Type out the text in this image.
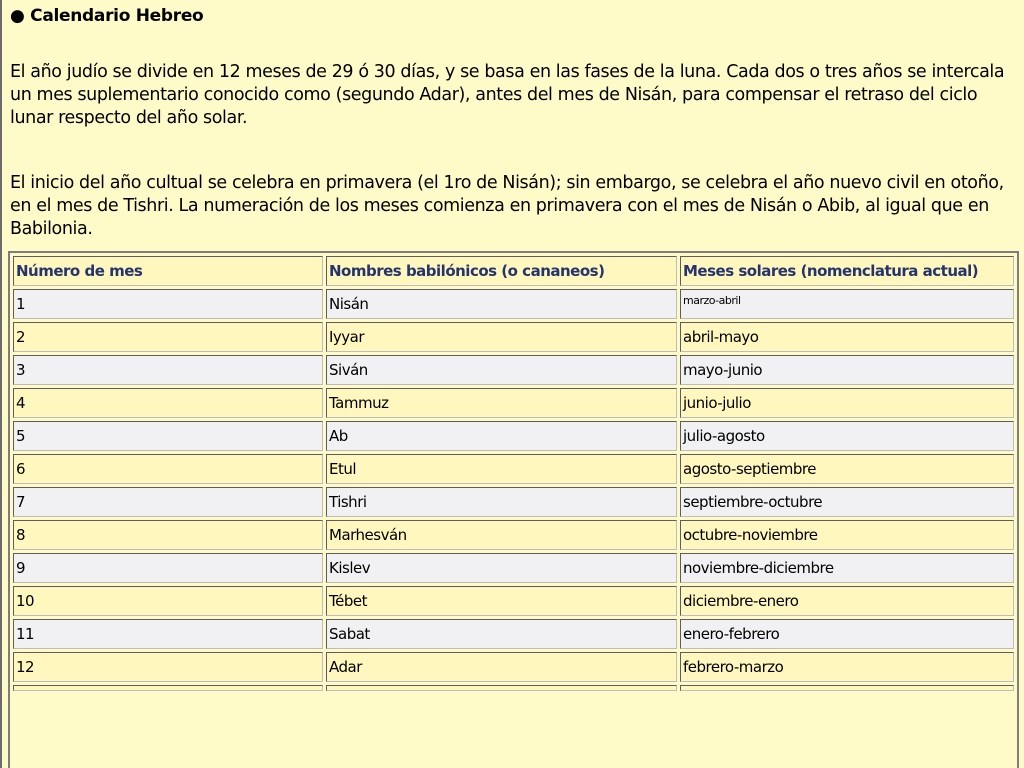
● Calendario Hebreo
El año judío se divide en 12 meses de 29 ó 30 días, y se basa en las fases de la luna. Cada dos o tres años se intercala un mes suplementario conocido como (segundo Adar), antes del mes de Nisán, para compensar el retraso del ciclo lunar respecto del año solar.
El inicio del año cultual se celebra en primavera (el 1ro de Nisán); sin embargo, se celebra el año nuevo civil en otoño, en el mes de Tishri. La numeración de los meses comienza en primavera con el mes de Nisán o Abib, al igual que en Babilonia.
Número de mes	Nombres babilónicos (o cananeos)	Meses solares (nomenclatura actual)
1	Nisán	marzo-abril
2	Iyyar	abril-mayo
3	Siván	mayo-junio
4	Tammuz	junio-julio
5	Ab	julio-agosto
6	Etul	agosto-septiembre
7	Tishri	septiembre-octubre
8	Marhesván	octubre-noviembre
9	Kislev	noviembre-diciembre
10	Tébet	diciembre-enero
11	Sabat	enero-febrero
12	Adar	febrero-marzo
